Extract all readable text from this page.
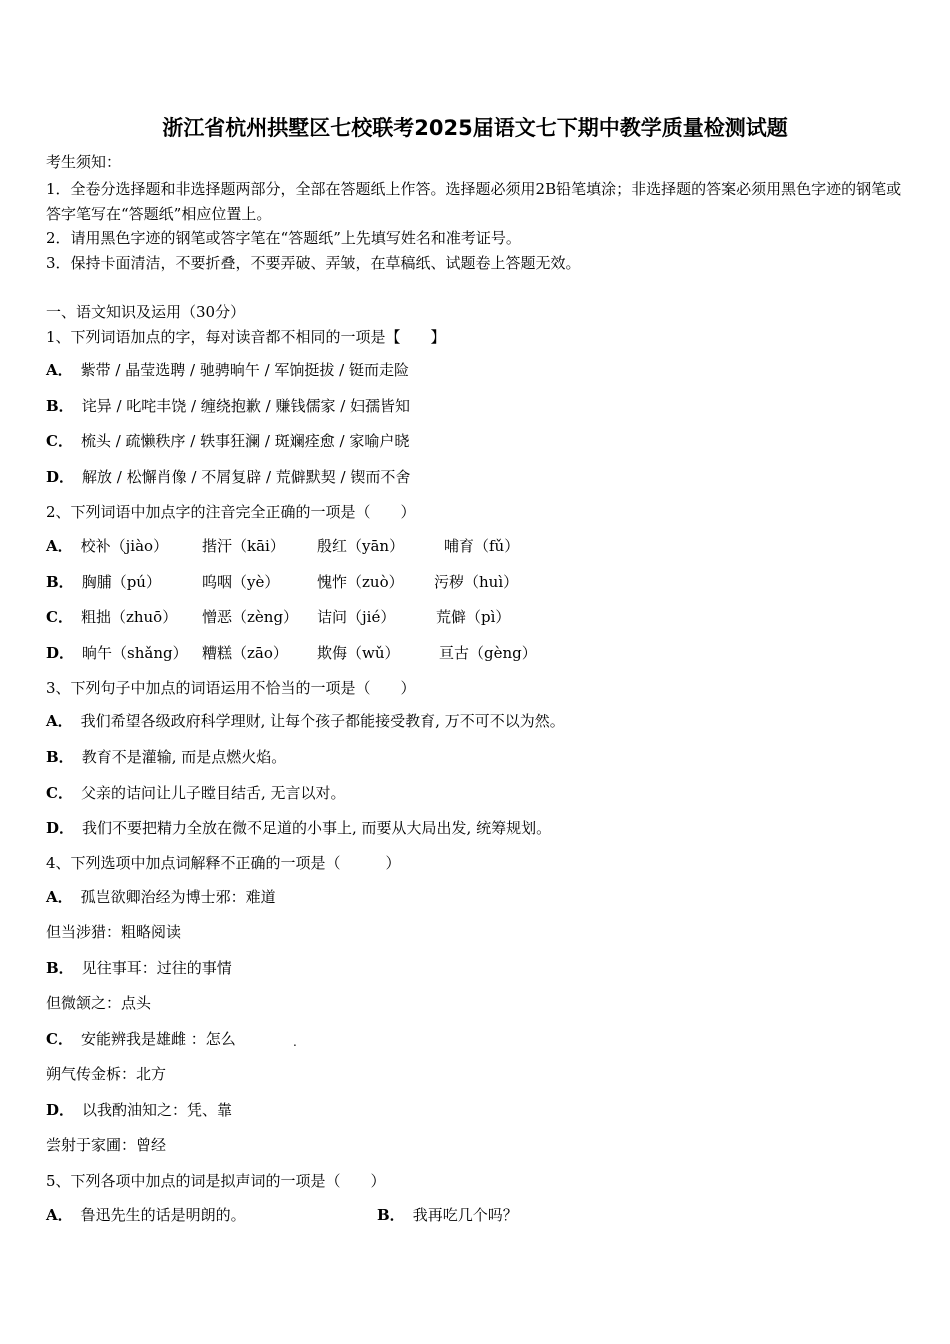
浙江省杭州拱墅区七校联考2025届语文七下期中教学质量检测试题
考生须知：
1．全卷分选择题和非选择题两部分，全部在答题纸上作答。选择题必须用2B铅笔填涂；非选择题的答案必须用黑色字迹的钢笔或答字笔写在“答题纸”相应位置上。
2．请用黑色字迹的钢笔或答字笔在“答题纸”上先填写姓名和准考证号。
3．保持卡面清洁，不要折叠，不要弄破、弄皱，在草稿纸、试题卷上答题无效。
一、语文知识及运用（30分）
1、下列词语加点的字，每对读音都不相同的一项是【　　】
A． 紫带 / 晶莹选聘 / 驰骋晌午 / 军饷挺拔 / 铤而走险
B． 诧异 / 叱咤丰饶 / 缠绕抱歉 / 赚钱儒家 / 妇孺皆知
C． 梳头 / 疏懒秩序 / 轶事狂澜 / 斑斓痊愈 / 家喻户晓
D． 解放 / 松懈肖像 / 不屑复辟 / 荒僻默契 / 锲而不舍
2、下列词语中加点字的注音完全正确的一项是（　　）
A． 校补（jiào） 揩汗（kāi） 殷红（yān）	哺育（fǔ）
B． 胸脯（pú）	呜咽（yè）	愧怍（zuò） 污秽（huì）
C． 粗拙（zhuō） 憎恶（zèng） 诘问（jié）	荒僻（pì）
D． 晌午（shǎng） 糟糕（zāo） 欺侮（wǔ）	亘古（gèng）
3、下列句子中加点的词语运用不恰当的一项是（　　）
A． 我们希望各级政府科学理财, 让每个孩子都能接受教育, 万不可不以为然。
B． 教育不是灌输, 而是点燃火焰。
C． 父亲的诘问让儿子瞠目结舌, 无言以对。
D． 我们不要把精力全放在微不足道的小事上, 而要从大局出发, 统筹规划。
4、下列选项中加点词解释不正确的一项是（　　　）
A． 孤岂欲卿治经为博士邪：难道
但当涉猎：粗略阅读
B． 见往事耳：过往的事情
但微颔之：点头
C． 安能辨我是雄雌 ：怎么	.
朔气传金柝：北方
D． 以我酌油知之：凭、靠
尝射于家圃：曾经
5、下列各项中加点的词是拟声词的一项是（　　）
A． 鲁迅先生的话是明朗的。	B． 我再吃几个吗？
